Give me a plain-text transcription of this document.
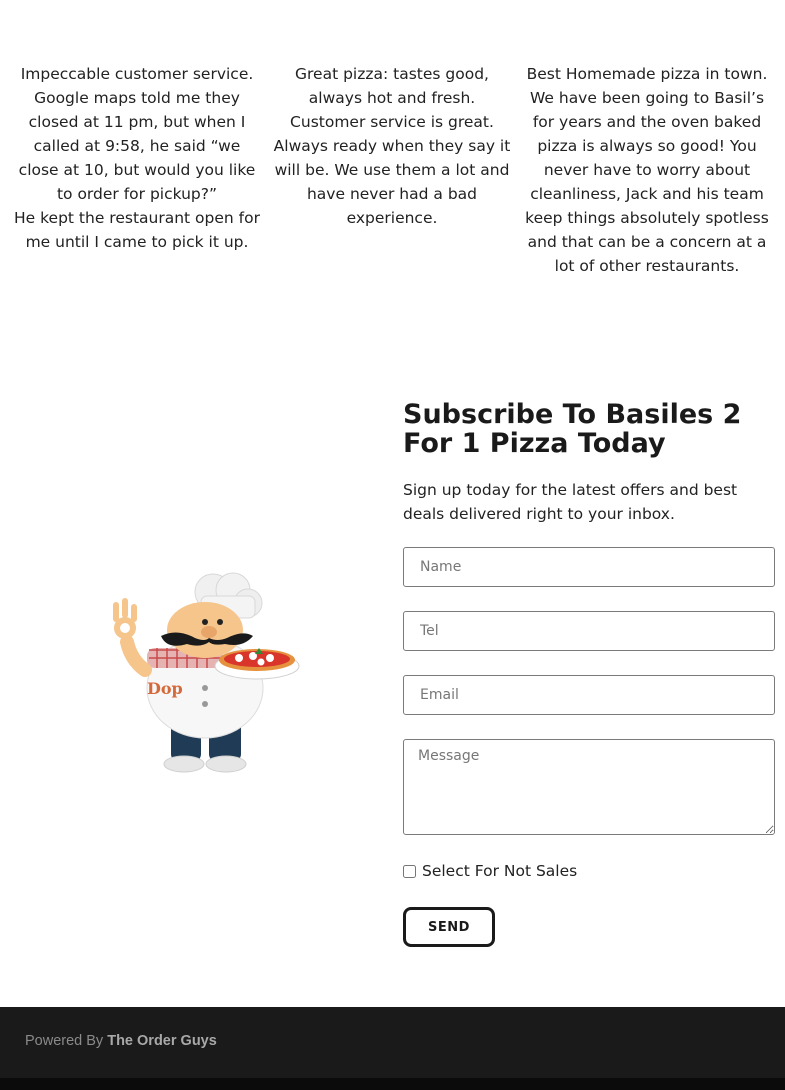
Impeccable customer service. Google maps told me they closed at 11 pm, but when I called at 9:58, he said “we close at 10, but would you like to order for pickup?”
He kept the restaurant open for me until I came to pick it up.

Great pizza: tastes good, always hot and fresh. Customer service is great. Always ready when they say it will be. We use them a lot and have never had a bad experience.

Best Homemade pizza in town. We have been going to Basil’s for years and the oven baked pizza is always so good! You never have to worry about cleanliness, Jack and his team keep things absolutely spotless and that can be a concern at a lot of other restaurants.

Dop
Subscribe To Basiles 2 For 1 Pizza Today

Sign up today for the latest offers and best deals delivered right to your inbox.

Name
Tel
Email
Message
Select For Not Sales
SEND
Powered By The Order Guys
